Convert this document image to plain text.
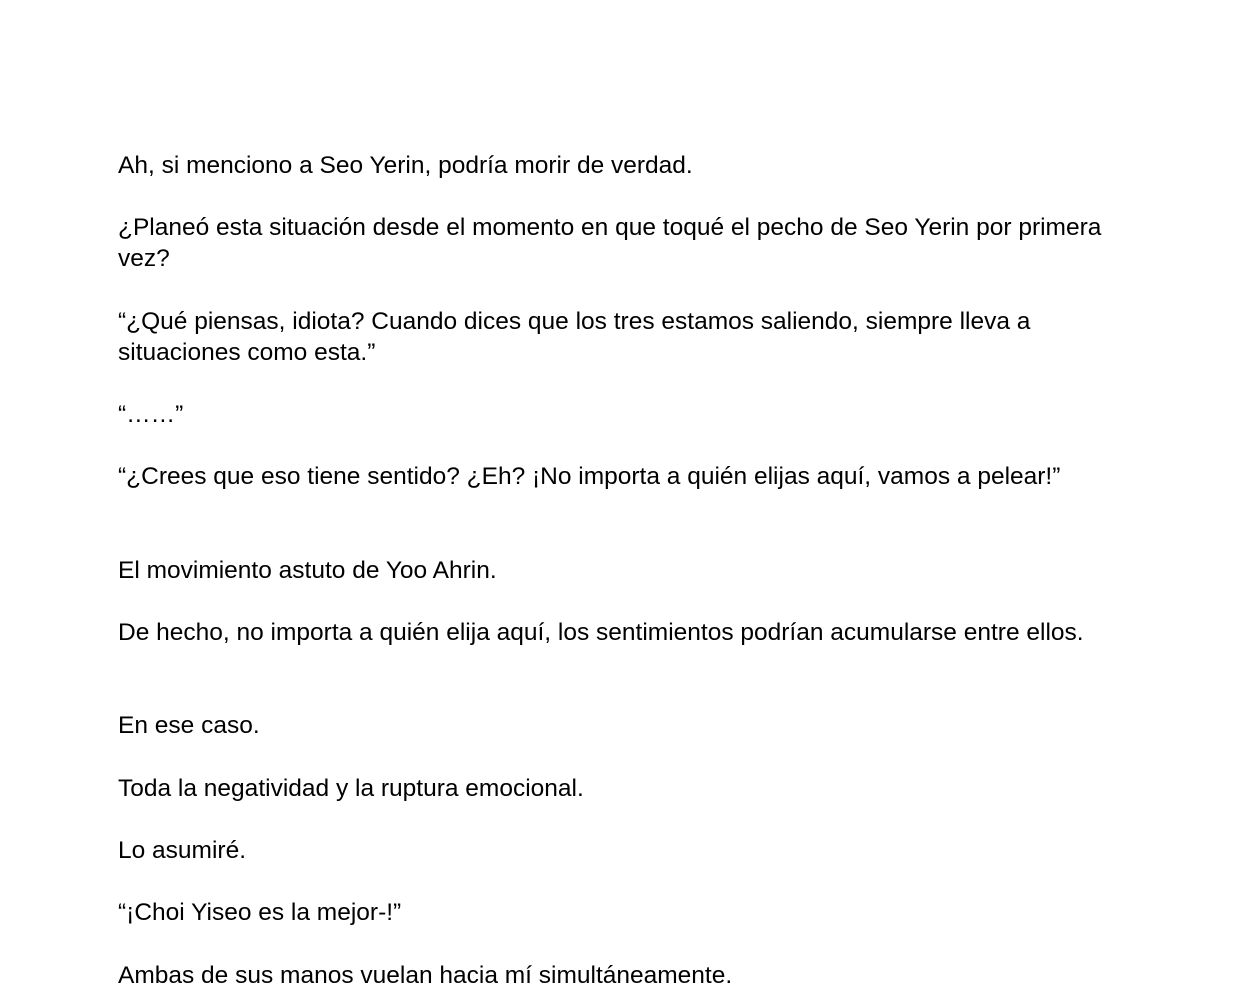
Ah, si menciono a Seo Yerin, podría morir de verdad.

¿Planeó esta situación desde el momento en que toqué el pecho de Seo Yerin por primera vez?

“¿Qué piensas, idiota? Cuando dices que los tres estamos saliendo, siempre lleva a situaciones como esta.”

“……”

“¿Crees que eso tiene sentido? ¿Eh? ¡No importa a quién elijas aquí, vamos a pelear!”

El movimiento astuto de Yoo Ahrin.

De hecho, no importa a quién elija aquí, los sentimientos podrían acumularse entre ellos.

En ese caso.

Toda la negatividad y la ruptura emocional.

Lo asumiré.

“¡Choi Yiseo es la mejor-!”

Ambas de sus manos vuelan hacia mí simultáneamente.
